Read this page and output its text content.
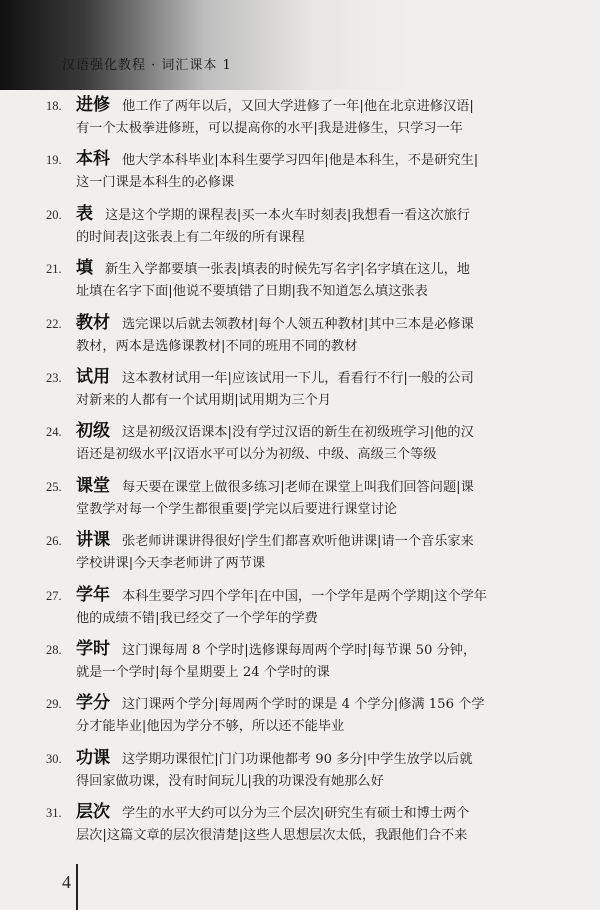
汉语强化教程 · 词汇课本 1
18. 进修 他工作了两年以后，又回大学进修了一年|他在北京进修汉语|
有一个太极拳进修班，可以提高你的水平|我是进修生，只学习一年
19. 本科 他大学本科毕业|本科生要学习四年|他是本科生，不是研究生|
这一门课是本科生的必修课
20. 表 这是这个学期的课程表|买一本火车时刻表|我想看一看这次旅行
的时间表|这张表上有二年级的所有课程
21. 填 新生入学都要填一张表|填表的时候先写名字|名字填在这儿，地
址填在名字下面|他说不要填错了日期|我不知道怎么填这张表
22. 教材 选完课以后就去领教材|每个人领五种教材|其中三本是必修课
教材，两本是选修课教材|不同的班用不同的教材
23. 试用 这本教材试用一年|应该试用一下儿，看看行不行|一般的公司
对新来的人都有一个试用期|试用期为三个月
24. 初级 这是初级汉语课本|没有学过汉语的新生在初级班学习|他的汉
语还是初级水平|汉语水平可以分为初级、中级、高级三个等级
25. 课堂 每天要在课堂上做很多练习|老师在课堂上叫我们回答问题|课
堂教学对每一个学生都很重要|学完以后要进行课堂讨论
26. 讲课 张老师讲课讲得很好|学生们都喜欢听他讲课|请一个音乐家来
学校讲课|今天李老师讲了两节课
27. 学年 本科生要学习四个学年|在中国，一个学年是两个学期|这个学年
他的成绩不错|我已经交了一个学年的学费
28. 学时 这门课每周 8 个学时|选修课每周两个学时|每节课 50 分钟，
就是一个学时|每个星期要上 24 个学时的课
29. 学分 这门课两个学分|每周两个学时的课是 4 个学分|修满 156 个学
分才能毕业|他因为学分不够，所以还不能毕业
30. 功课 这学期功课很忙|门门功课他都考 90 多分|中学生放学以后就
得回家做功课，没有时间玩儿|我的功课没有她那么好
31. 层次 学生的水平大约可以分为三个层次|研究生有硕士和博士两个
层次|这篇文章的层次很清楚|这些人思想层次太低，我跟他们合不来
4
